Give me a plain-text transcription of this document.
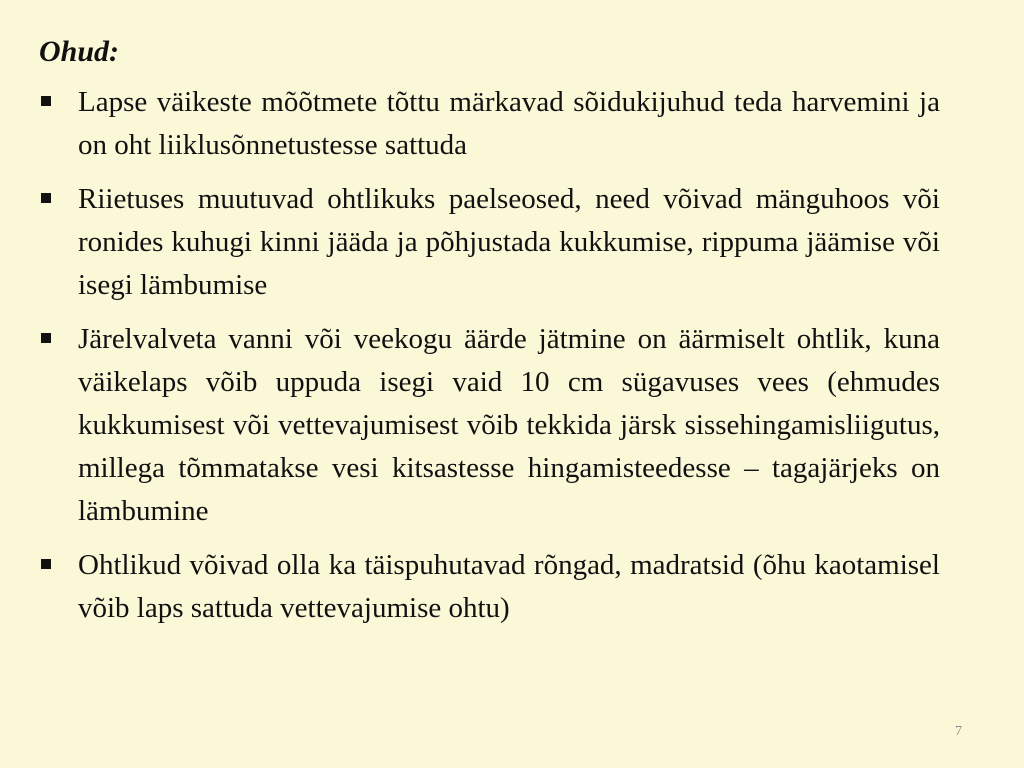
Ohud:
Lapse väikeste mõõtmete tõttu märkavad sõidukijuhud teda harvemini ja on oht liiklusõnnetustesse sattuda
Riietuses muutuvad ohtlikuks paelseosed, need võivad mänguhoos või ronides kuhugi kinni jääda ja põhjustada kukkumise, rippuma jäämise või isegi lämbumise
Järelvalveta vanni või veekogu äärde jätmine on äärmiselt ohtlik, kuna väikelaps võib uppuda isegi vaid 10 cm sügavuses vees (ehmudes kukkumisest või vettevajumisest võib tekkida järsk sissehingamisliigutus, millega tõmmatakse vesi kitsastesse hingamisteedesse – tagajärjeks on lämbumine
Ohtlikud võivad olla ka täispuhutavad rõngad, madratsid (õhu kaotamisel võib laps sattuda vettevajumise ohtu)
7
